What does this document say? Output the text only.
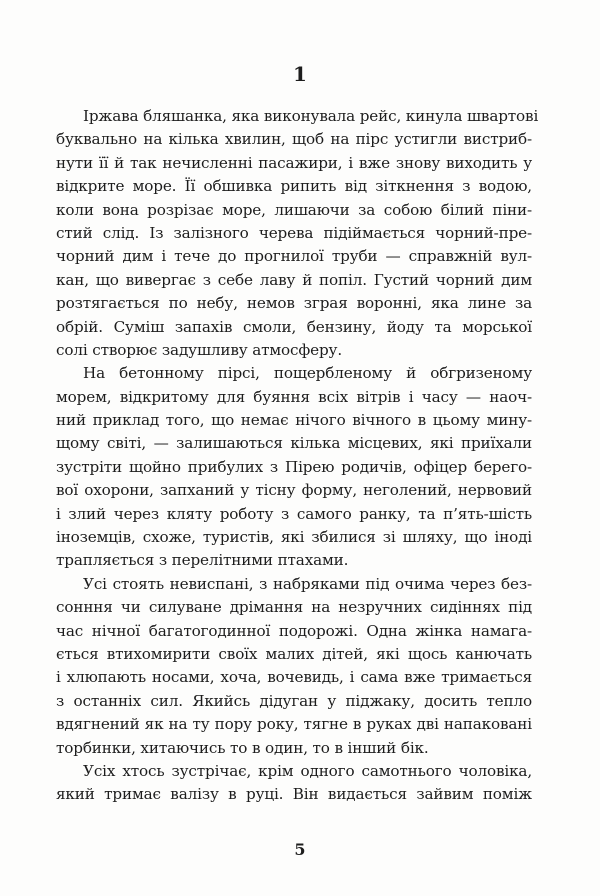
1
Іржава бляшанка, яка виконувала рейс, кинула швартові
буквально на кілька хвилин, щоб на пірс устигли вистриб-
нути її й так нечисленні пасажири, і вже знову виходить у
відкрите море. Її обшивка рипить від зіткнення з водою,
коли вона розрізає море, лишаючи за собою білий піни-
стий слід. Із залізного черева підіймається чорний-пре-
чорний дим і тече до прогнилої труби — справжній вул-
кан, що вивергає з себе лаву й попіл. Густий чорний дим
розтягається по небу, немов зграя воронні, яка лине за
обрій. Суміш запахів смоли, бензину, йоду та морської
солі створює задушливу атмосферу.
На бетонному пірсі, пощербленому й обгризеному
морем, відкритому для буяння всіх вітрів і часу — наоч-
ний приклад того, що немає нічого вічного в цьому мину-
щому світі, — залишаються кілька місцевих, які приїхали
зустріти щойно прибулих з Пірею родичів, офіцер берего-
вої охорони, запханий у тісну форму, неголений, нервовий
і злий через кляту роботу з самого ранку, та п’ять-шість
іноземців, схоже, туристів, які збилися зі шляху, що іноді
трапляється з перелітними птахами.
Усі стоять невиспані, з набряками під очима через без-
сонння чи силуване дрімання на незручних сидіннях під
час нічної багатогодинної подорожі. Одна жінка намага-
ється втихомирити своїх малих дітей, які щось канючать
і хлюпають носами, хоча, вочевидь, і сама вже тримається
з останніх сил. Якийсь дідуган у піджаку, досить тепло
вдягнений як на ту пору року, тягне в руках дві напаковані
торбинки, хитаючись то в один, то в інший бік.
Усіх хтось зустрічає, крім одного самотнього чоловіка,
який тримає валізу в руці. Він видається зайвим поміж
5
